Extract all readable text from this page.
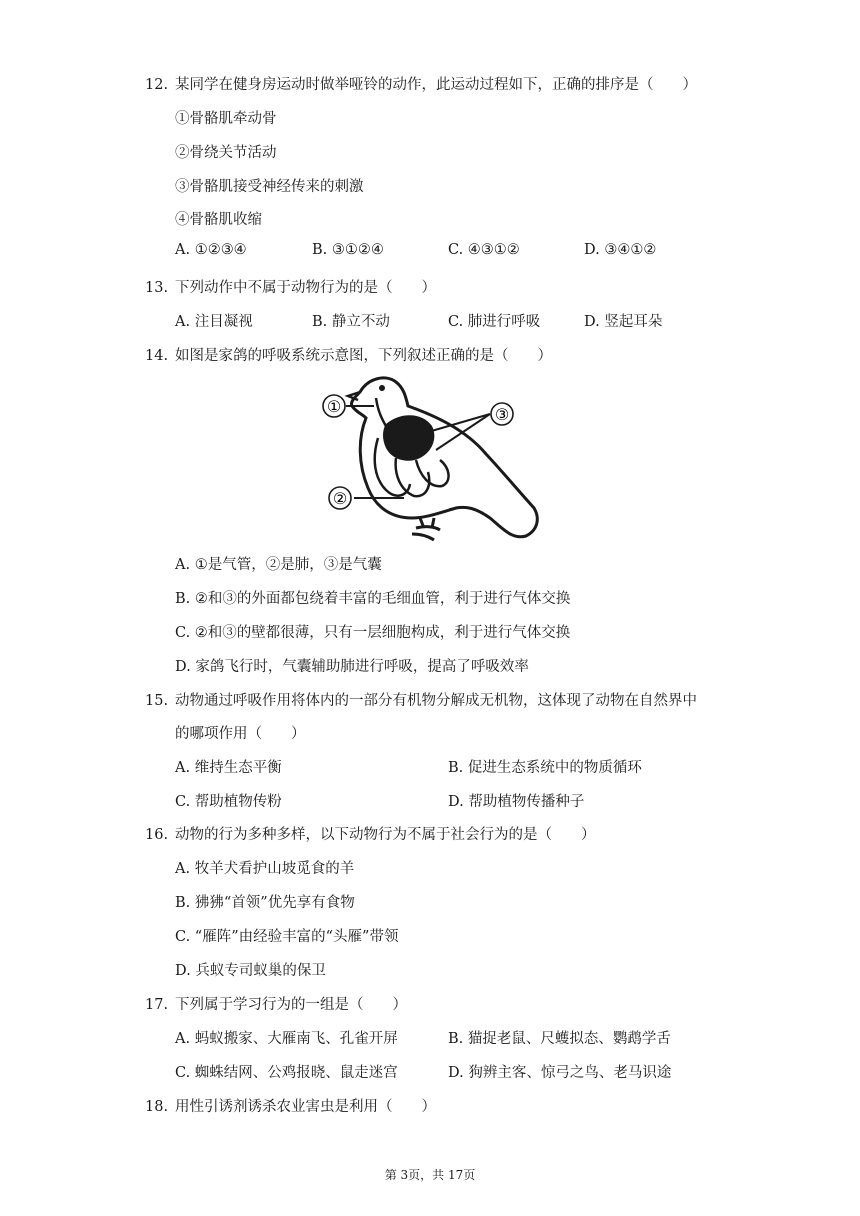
12. 某同学在健身房运动时做举哑铃的动作，此运动过程如下，正确的排序是（　　）
①骨骼肌牵动骨
②骨绕关节活动
③骨骼肌接受神经传来的刺激
④骨骼肌收缩
A. ①②③④	B. ③①②④	C. ④③①②	D. ③④①②
13. 下列动作中不属于动物行为的是（　　）
A. 注目凝视	B. 静立不动	C. 肺进行呼吸	D. 竖起耳朵
14. 如图是家鸽的呼吸系统示意图，下列叙述正确的是（　　）
①
②
③
A. ①是气管，②是肺，③是气囊
B. ②和③的外面都包绕着丰富的毛细血管，利于进行气体交换
C. ②和③的壁都很薄，只有一层细胞构成，利于进行气体交换
D. 家鸽飞行时，气囊辅助肺进行呼吸，提高了呼吸效率
15. 动物通过呼吸作用将体内的一部分有机物分解成无机物，这体现了动物在自然界中
的哪项作用（　　）
A. 维持生态平衡	B. 促进生态系统中的物质循环
C. 帮助植物传粉	D. 帮助植物传播种子
16. 动物的行为多种多样，以下动物行为不属于社会行为的是（　　）
A. 牧羊犬看护山坡觅食的羊
B. 狒狒“首领”优先享有食物
C. “雁阵”由经验丰富的“头雁”带领
D. 兵蚁专司蚁巢的保卫
17. 下列属于学习行为的一组是（　　）
A. 蚂蚁搬家、大雁南飞、孔雀开屏	B. 猫捉老鼠、尺蠖拟态、鹦鹉学舌
C. 蜘蛛结网、公鸡报晓、鼠走迷宫	D. 狗辨主客、惊弓之鸟、老马识途
18. 用性引诱剂诱杀农业害虫是利用（　　）
第 3页，共 17页
